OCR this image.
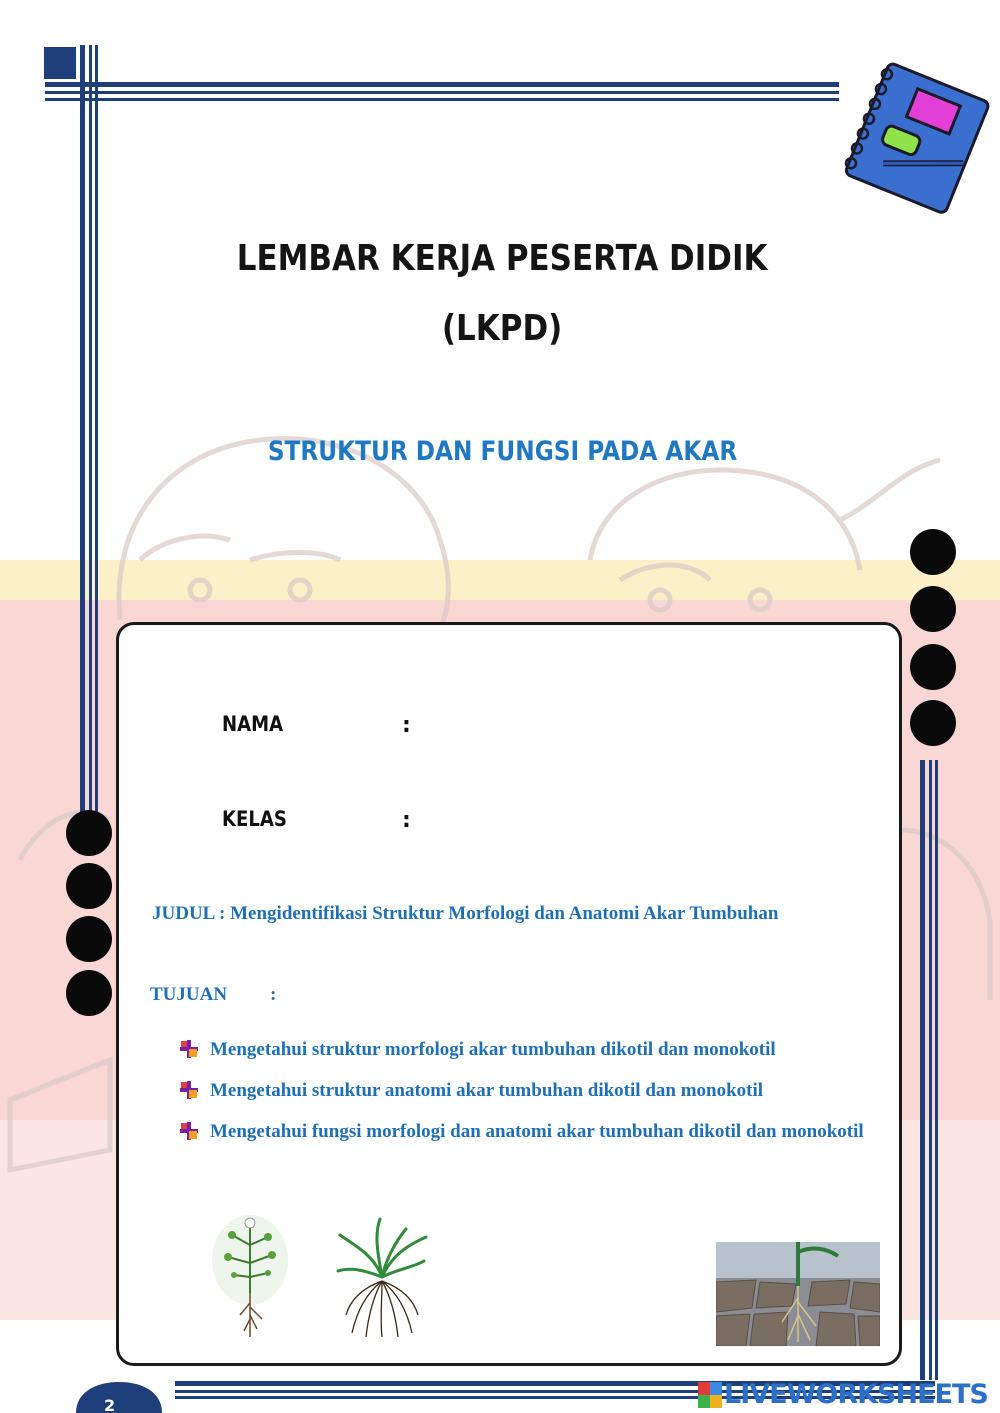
LEMBAR KERJA PESERTA DIDIK
(LKPD)
STRUKTUR DAN FUNGSI PADA AKAR
NAMA	:
KELAS	:
JUDUL : Mengidentifikasi Struktur Morfologi dan Anatomi Akar Tumbuhan
TUJUAN :
Mengetahui struktur morfologi akar tumbuhan dikotil dan monokotil
Mengetahui struktur anatomi akar tumbuhan dikotil dan monokotil
Mengetahui fungsi morfologi dan anatomi akar tumbuhan dikotil dan monokotil
2	LIVEWORKSHEETS
